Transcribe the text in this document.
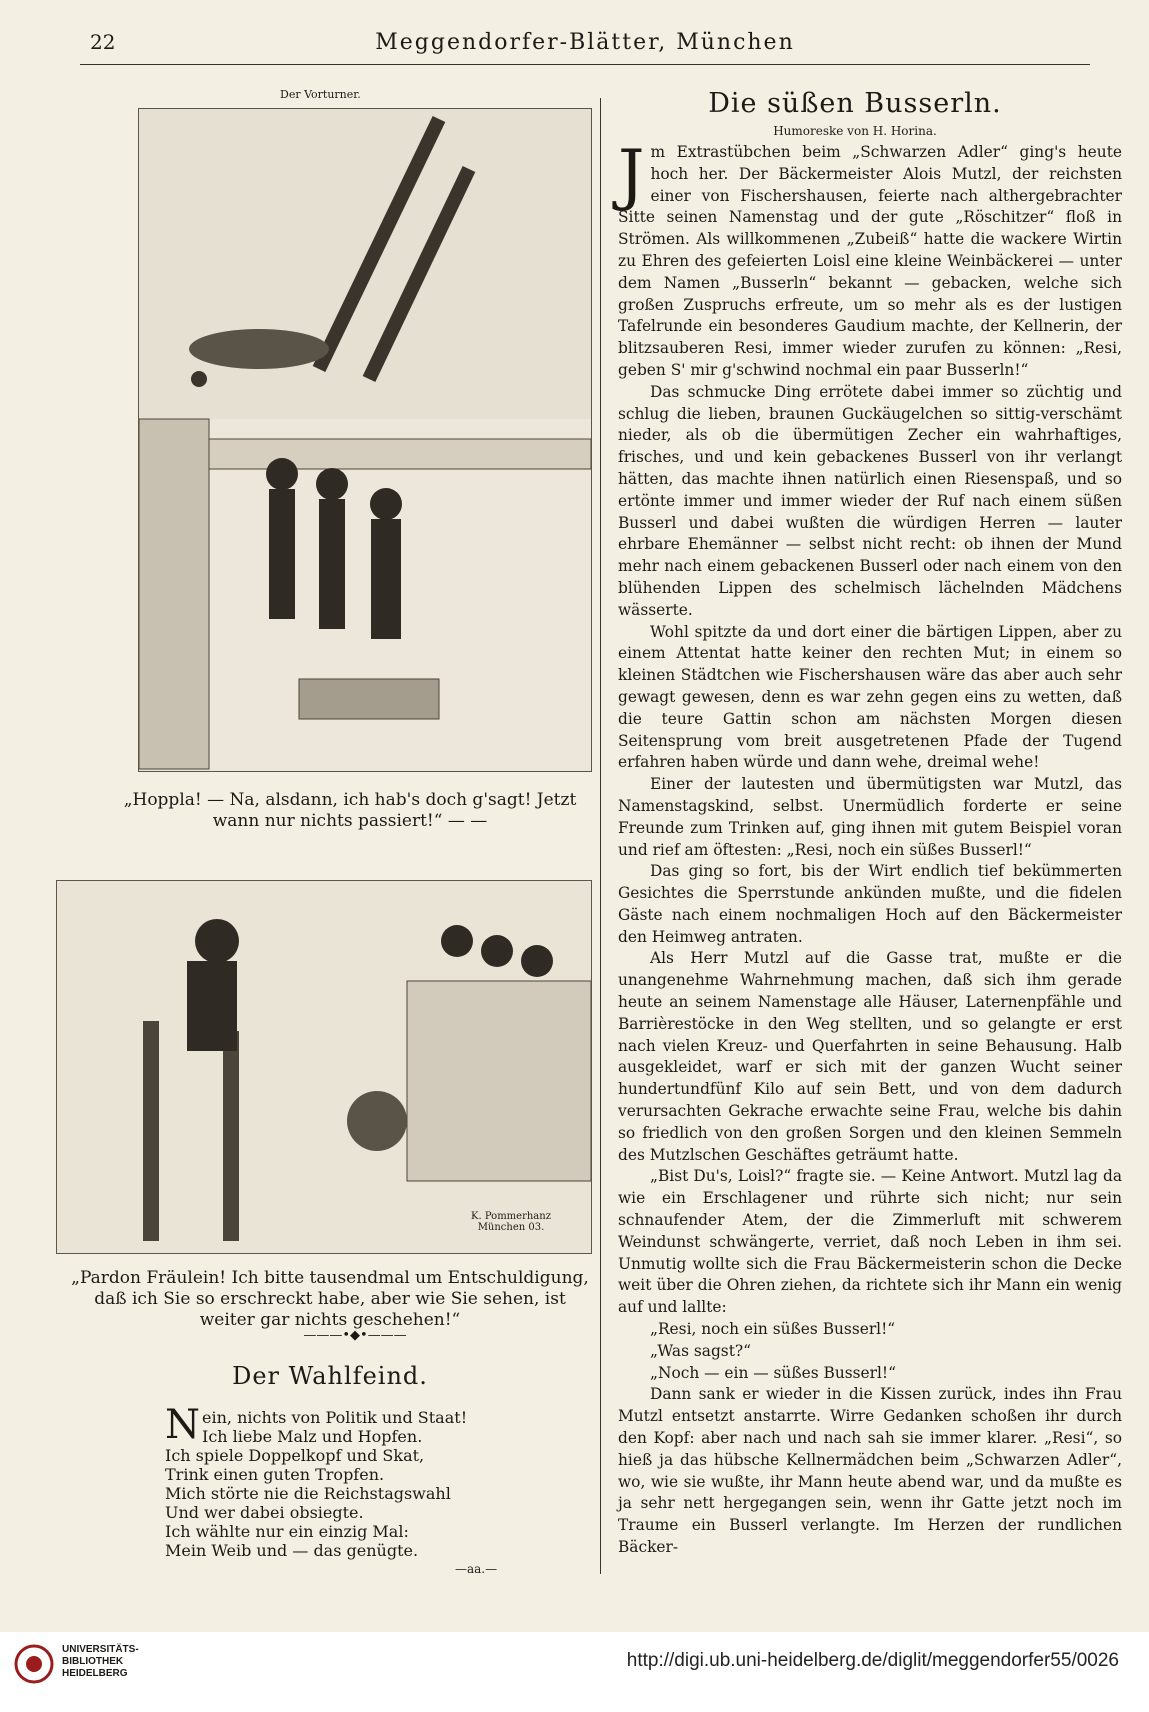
22	Meggendorfer-Blätter, München
Der Vorturner.
„Hoppla! — Na, alsdann, ich hab's doch g'sagt! Jetzt wann nur nichts passiert!“ — —
K. Pommerhanz München 03.
„Pardon Fräulein! Ich bitte tausendmal um Entschuldigung, daß ich Sie so erschreckt habe, aber wie Sie sehen, ist weiter gar nichts geschehen!“
———•◆•———
Der Wahlfeind.
N ein, nichts von Politik und Staat!
Ich liebe Malz und Hopfen.
Ich spiele Doppelkopf und Skat,
Trink einen guten Tropfen.
Mich störte nie die Reichstagswahl
Und wer dabei obsiegte.
Ich wählte nur ein einzig Mal:
Mein Weib und — das genügte.
—aa.—
Die süßen Busserln.
Humoreske von H. Horina.

Jm Extrastübchen beim „Schwarzen Adler“ ging's heute hoch her. Der Bäckermeister Alois Mutzl, der reichsten einer von Fischershausen, feierte nach althergebrachter Sitte seinen Namenstag und der gute „Röschitzer“ floß in Strömen. Als willkommenen „Zubeiß“ hatte die wackere Wirtin zu Ehren des gefeierten Loisl eine kleine Weinbäckerei — unter dem Namen „Busserln“ bekannt — gebacken, welche sich großen Zuspruchs erfreute, um so mehr als es der lustigen Tafelrunde ein besonderes Gaudium machte, der Kellnerin, der blitzsauberen Resi, immer wieder zurufen zu können: „Resi, geben S' mir g'schwind nochmal ein paar Busserln!“

Das schmucke Ding errötete dabei immer so züchtig und schlug die lieben, braunen Guckäugelchen so sittig-verschämt nieder, als ob die übermütigen Zecher ein wahrhaftiges, frisches, und und kein gebackenes Busserl von ihr verlangt hätten, das machte ihnen natürlich einen Riesenspaß, und so ertönte immer und immer wieder der Ruf nach einem süßen Busserl und dabei wußten die würdigen Herren — lauter ehrbare Ehemänner — selbst nicht recht: ob ihnen der Mund mehr nach einem gebackenen Busserl oder nach einem von den blühenden Lippen des schelmisch lächelnden Mädchens wässerte.

Wohl spitzte da und dort einer die bärtigen Lippen, aber zu einem Attentat hatte keiner den rechten Mut; in einem so kleinen Städtchen wie Fischershausen wäre das aber auch sehr gewagt gewesen, denn es war zehn gegen eins zu wetten, daß die teure Gattin schon am nächsten Morgen diesen Seitensprung vom breit ausgetretenen Pfade der Tugend erfahren haben würde und dann wehe, dreimal wehe!

Einer der lautesten und übermütigsten war Mutzl, das Namenstagskind, selbst. Unermüdlich forderte er seine Freunde zum Trinken auf, ging ihnen mit gutem Beispiel voran und rief am öftesten: „Resi, noch ein süßes Busserl!“

Das ging so fort, bis der Wirt endlich tief bekümmerten Gesichtes die Sperrstunde ankünden mußte, und die fidelen Gäste nach einem nochmaligen Hoch auf den Bäckermeister den Heimweg antraten.

Als Herr Mutzl auf die Gasse trat, mußte er die unangenehme Wahrnehmung machen, daß sich ihm gerade heute an seinem Namenstage alle Häuser, Laternenpfähle und Barrièrestöcke in den Weg stellten, und so gelangte er erst nach vielen Kreuz- und Querfahrten in seine Behausung. Halb ausgekleidet, warf er sich mit der ganzen Wucht seiner hundertundfünf Kilo auf sein Bett, und von dem dadurch verursachten Gekrache erwachte seine Frau, welche bis dahin so friedlich von den großen Sorgen und den kleinen Semmeln des Mutzlschen Geschäftes geträumt hatte.

„Bist Du's, Loisl?“ fragte sie. — Keine Antwort. Mutzl lag da wie ein Erschlagener und rührte sich nicht; nur sein schnaufender Atem, der die Zimmerluft mit schwerem Weindunst schwängerte, verriet, daß noch Leben in ihm sei. Unmutig wollte sich die Frau Bäckermeisterin schon die Decke weit über die Ohren ziehen, da richtete sich ihr Mann ein wenig auf und lallte:

„Resi, noch ein süßes Busserl!“

„Was sagst?“

„Noch — ein — süßes Busserl!“

Dann sank er wieder in die Kissen zurück, indes ihn Frau Mutzl entsetzt anstarrte. Wirre Gedanken schoßen ihr durch den Kopf: aber nach und nach sah sie immer klarer. „Resi“, so hieß ja das hübsche Kellnermädchen beim „Schwarzen Adler“, wo, wie sie wußte, ihr Mann heute abend war, und da mußte es ja sehr nett hergegangen sein, wenn ihr Gatte jetzt noch im Traume ein Busserl verlangte. Im Herzen der rundlichen Bäcker-

UNIVERSITÄTS-
BIBLIOTHEK
HEIDELBERG
http://digi.ub.uni-heidelberg.de/diglit/meggendorfer55/0026
